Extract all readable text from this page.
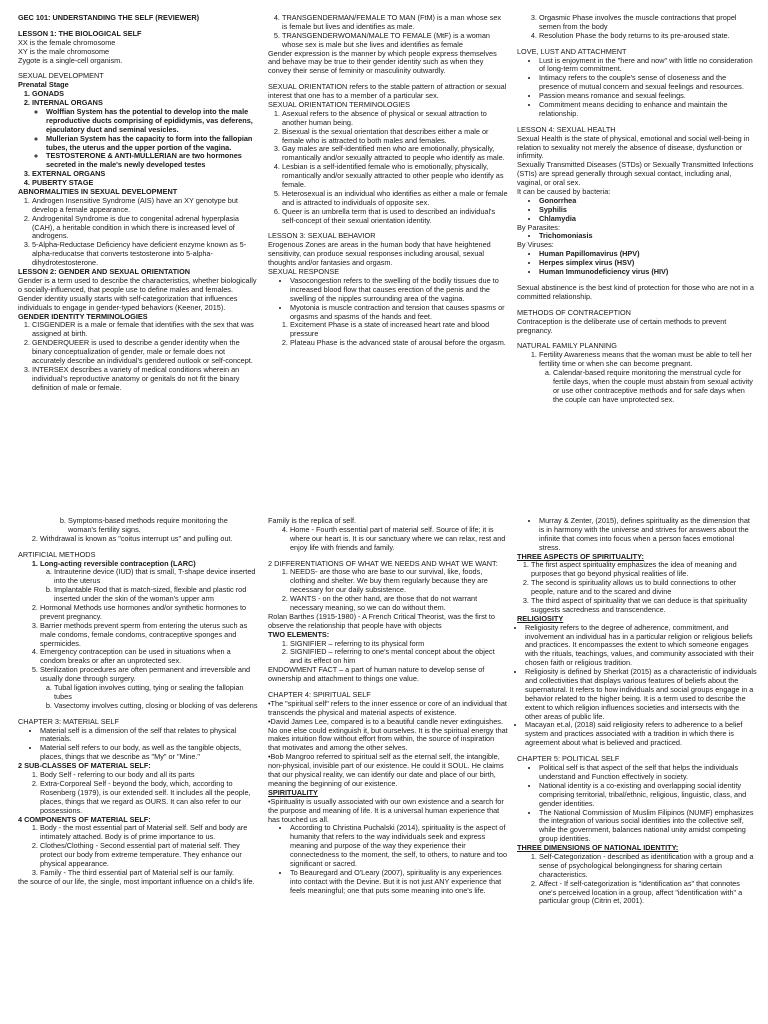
GEC 101: UNDERSTANDING THE SELF (REVIEWER)

LESSON 1: THE BIOLOGICAL SELF

XX is the female chromosome

XY is the male chromosome

Zygote is a single-cell organism.

SEXUAL DEVELOPMENT

Prenatal Stage

1. GONADS
2. INTERNAL ORGANS
◦ Wolffian System has the potential to develop into the male reproductive ducts comprising of epididymis, vas deferens, ejaculatory duct and seminal vesicles.
◦ Mullerian System has the capacity to form into the fallopian tubes, the uterus and the upper portion of the vagina.
◦ TESTOSTERONE & ANTI-MULLERIAN are two hormones secreted in the male's newly developed testes
3. EXTERNAL ORGANS
4. PUBERTY STAGE

ABNORMALITIES IN SEXUAL DEVELOPMENT

1. Androgen Insensitive Syndrome (AIS) have an XY genotype but develop a female appearance.
2. Androgenital Syndrome is due to congenital adrenal hyperplasia (CAH), a heritable condition in which there is increased level of androgens.
3. 5-Alpha-Reductase Deficiency have deficient enzyme known as 5-alpha-reducatse that converts testosterone into 5-alpha-dihydrotestosterone.

LESSON 2: GENDER AND SEXUAL ORIENTATION

Gender is a term used to describe the characteristics, whether biologically o socially-influenced, that people use to define males and females.

Gender identity usually starts with self-categorization that influences individuals to engage in gender-typed behaviors (Keener, 2015).

GENDER IDENTITY TERMINOLOGIES

1. CISGENDER is a male or female that identifies with the sex that was assigned at birth.
2. GENDERQUEER is used to describe a gender identity when the binary conceptualization of gender, male or female does not accurately describe an individual's gendered outlook or self-concept.
3. INTERSEX describes a variety of medical conditions wherein an individual's reproductive anatomy or genitals do not fit the binary definition of male or female.
4. TRANSGENDERMAN/FEMALE TO MAN (FtM) is a man whose sex is female but lives and identifies as male.
5. TRANSGENDERWOMAN/MALE TO FEMALE (MtF) is a woman whose sex is male but she lives and identifies as female

Gender expression is the manner by which people express themselves and behave may be true to their gender identity such as when they convey their sense of feminity or masculinity outwardly.

SEXUAL ORIENTATION refers to the stable pattern of attraction or sexual interest that one has to a member of a particular sex.

SEXUAL ORIENTATION TERMINOLOGIES

1. Asexual refers to the absence of physical or sexual attraction to another human being.
2. Bisexual is the sexual orientation that describes either a male or female who is attracted to both males and females.
3. Gay males are self-identified men who are emotionally, physically, romantically and/or sexually attracted to people who identify as male.
4. Lesbian is a self-identified female who is emotionally, physically, romantically and/or sexually attracted to other people who identify as female.
5. Heterosexual is an individual who identifies as either a male or female and is attracted to individuals of opposite sex.
6. Queer is an umbrella term that is used to described an individual's self-concept of their sexual orientation identity.

LESSON 3: SEXUAL BEHAVIOR

Erogenous Zones are areas in the human body that have heightened sensitivity, can produce sexual responses including arousal, sexual thoughts and/or fantasies and orgasm.

SEXUAL RESPONSE

• Vasocongestion refers to the swelling of the bodily tissues due to increased blood flow that causes erection of the penis and the swelling of the nipples surrounding area of the vagina.
• Myotonia is muscle contraction and tension that causes spasms or orgasms and spasms of the hands and feet.
1. Excitement Phase is a state of increased heart rate and blood pressure
2. Plateau Phase is the advanced state of arousal before the orgasm.
3. Orgasmic Phase involves the muscle contractions that propel semen from the body
4. Resolution Phase the body returns to its pre-aroused state.

LOVE, LUST AND ATTACHMENT

• Lust is enjoyment in the "here and now" with little no consideration of long-term commitment.
• Intimacy refers to the couple's sense of closeness and the presence of mutual concern and sexual feelings and resources.
• Passion means romance and sexual feelings.
• Commitment means deciding to enhance and maintain the relationship.

LESSON 4: SEXUAL HEALTH

Sexual Health is the state of physical, emotional and social well-being in relation to sexuality not merely the absence of disease, dysfunction or infirmity.

Sexually Transmitted Diseases (STDs) or Sexually Transmitted Infections (STIs) are spread generally through sexual contact, including anal, vaginal, or oral sex.

It can be caused by bacteria:

• Gonorrhea
• Syphilis
• Chlamydia

By Parasites:

• Trichomoniasis

By Viruses:

• Human Papillomavirus (HPV)
• Herpes simplex virus (HSV)
• Human Immunodeficiency virus (HIV)

Sexual abstinence is the best kind of protection for those who are not in a committed relationship.

METHODS OF CONTRACEPTION

Contraception is the deliberate use of certain methods to prevent pregnancy.

NATURAL FAMILY PLANNING

1. Fertility Awareness means that the woman must be able to tell her fertility time or when she can become pregnant.
a. Calendar-based require monitoring the menstrual cycle for fertile days, when the couple must abstain from sexual activity or use other contraceptive methods and for safe days when the couple can have unprotected sex.
b. Symptoms-based methods require monitoring the woman's fertility signs.
2. Withdrawal is known as "coitus interrupt us" and pulling out.

ARTIFICIAL METHODS

1. Long-acting reversible contraception (LARC)
a. Intrauterine device (IUD) that is small, T-shape device inserted into the uterus
b. Implantable Rod that is match-sized, flexible and plastic rod inserted under the skin of the woman's upper arm
2. Hormonal Methods use hormones and/or synthetic hormones to prevent pregnancy.
3. Barrier methods prevent sperm from entering the uterus such as male condoms, female condoms, contraceptive sponges and spermicides.
4. Emergency contraception can be used in situations when a condom breaks or after an unprotected sex.
5. Sterilization procedures are often permanent and irreversible and usually done through surgery.
a. Tubal ligation involves cutting, tying or sealing the fallopian tubes
b. Vasectomy involves cutting, closing or blocking of vas deferens

CHAPTER 3: MATERIAL SELF

• Material self is a dimension of the self that relates to physical materials.
• Material self refers to our body, as well as the tangible objects, places, things that we describe as "My" or "Mine."

2 SUB-CLASSES OF MATERIAL SELF:

1. Body Self - referring to our body and all its parts
2. Extra-Corporeal Self - beyond the body, which, according to Rosenberg (1979), is our extended self. It includes all the people, places, things that we regard as OURS. It can also refer to our possessions.

4 COMPONENTS OF MATERIAL SELF:

1. Body - the most essential part of Material self. Self and body are intimately attached. Body is of prime importance to us.
2. Clothes/Clothing - Second essential part of material self. They protect our body from extreme temperature. They enhance our physical appearance.
3. Family - The third essential part of Material self is our family.

the source of our life, the single, most important influence on a child's life.

Family is the replica of self.

4. Home - Fourth essential part of material self. Source of life; it is where our heart is. It is our sanctuary where we can relax, rest and enjoy life with friends and family.

2 DIFFERENTIATIONS OF WHAT WE NEEDS AND WHAT WE WANT:

1. NEEDS- are those who are base to our survival, like, foods, clothing and shelter. We buy them regularly because they are necessary for our daily subsistence.
2. WANTS - on the other hand, are those that do not warrant necessary meaning, so we can do without them.

Rolan Barthes (1915-1980) - A French Critical Theorist, was the first to observe the relationship that people have with objects

TWO ELEMENTS:

1. SIGNIFIER – referring to its physical form
2. SIGNIFIED – referring to one's mental concept about the object and its effect on him

ENDOWMENT FACT – a part of human nature to develop sense of ownership and attachment to things one value.

CHAPTER 4: SPIRITUAL SELF

•The "spiritual self" refers to the inner essence or core of an individual that transcends the physical and material aspects of existence.

•David James Lee, compared is to a beautiful candle never extinguishes. No one else could extinguish it, but ourselves. It is the spiritual energy that makes intuition flow without effort from within, the source of inspiration that motivates and among the other selves.

•Bob Mangroo referred to spiritual self as the eternal self, the intangible, non-physical, invisible part of our existence. He could it SOUL. He claims that our physical reality, we can identify our date and place of our birth, meaning the beginning of our existence.

SPIRITUALITY

•Spirituality is usually associated with our own existence and a search for the purpose and meaning of life. It is a universal human experience that has touched us all.

• According to Christina Puchalski (2014), spirituality is the aspect of humanity that refers to the way individuals seek and express meaning and purpose of the way they experience their connectedness to the moment, the self, to others, to nature and too significant or sacred.
• To Beauregard and O'Leary (2007), spirituality is any experiences into contact with the Devine. But it is not just ANY experience that feels meaningful; one that puts some meaning into one's life.
• Murray & Zenter, (2015), defines spirituality as the dimension that is in harmony with the universe and strives for answers about the infinite that comes into focus when a person faces emotional stress.

THREE ASPECTS OF SPIRITUALITY:

1. The first aspect spirituality emphasizes the idea of meaning and purposes that go beyond physical realities of life.
2. The second is spirituality allows us to build connections to other people, nature and to the scared and divine
3. The third aspect of spirituality that we can deduce is that spirituality suggests sacredness and transcendence.

RELIGIOSITY

• Religiosity refers to the degree of adherence, commitment, and involvement an individual has in a particular religion or religious beliefs and practices. It encompasses the extent to which someone engages with the rituals, teachings, values, and community associated with their chosen faith or religious tradition.
• Religiosity is defined by Sherkat (2015) as a characteristic of individuals and collectivities that displays various features of beliefs about the supernatural. It refers to how individuals and social groups engage in a behavior related to the higher being. It is a term used to describe the extent to which religion influences societies and intersects with the other areas of public life.
• Macayan et.al, (2018) said religiosity refers to adherence to a belief system and practices associated with a tradition in which there is agreement about what is believed and practiced.

CHAPTER 5: POLITICAL SELF

• Political self is that aspect of the self that helps the individuals understand and Function effectively in society.
• National identity is a co-existing and overlapping social identity comprising territorial, tribal/ethnic, religious, linguistic, class, and gender identities.
• The National Commission of Muslim Filipinos (NUMF) emphasizes the integration of various social identities into the collective self, while the government, balances national unity amidst competing group identities.

THREE DIMENSIONS OF NATIONAL IDENTITY:

1. Self-Categorization - described as identification with a group and a sense of psychological belongingness for sharing certain characteristics.
2. Affect - If self-categorization is "identification as" that connotes one's perceived location in a group, affect "identification with" a particular group (Citrin et, 2001).
